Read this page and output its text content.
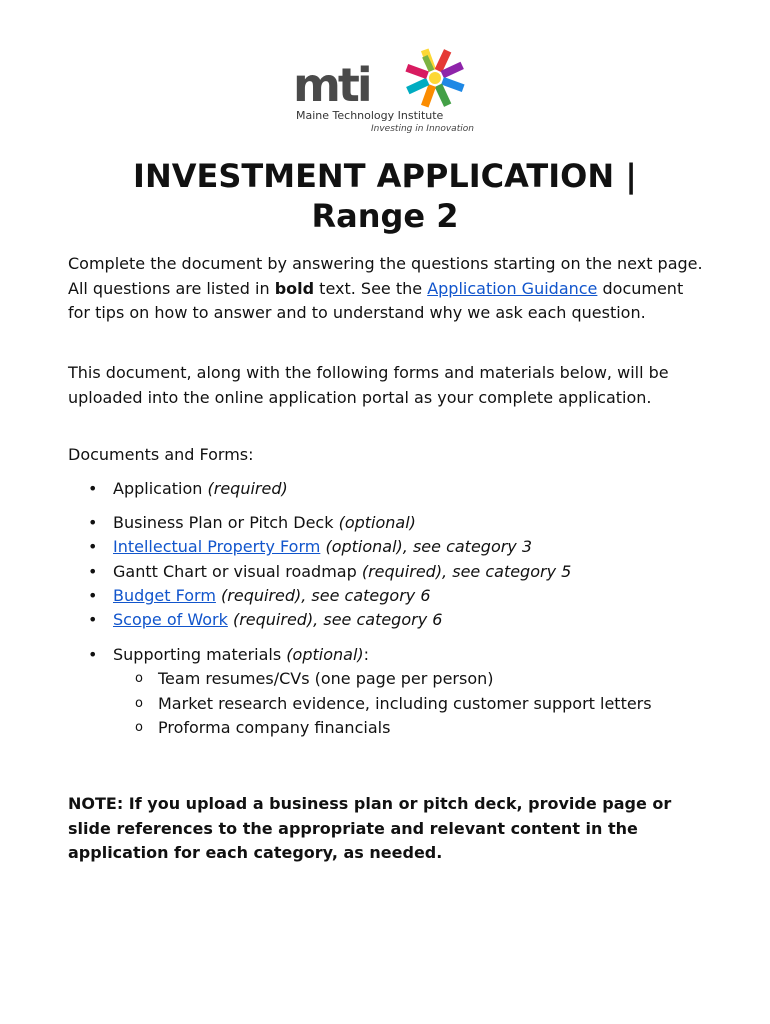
mti
Maine Technology Institute
Investing in Innovation
INVESTMENT APPLICATION |
Range 2

Complete the document by answering the questions starting on the next page. All questions are listed in bold text. See the Application Guidance document for tips on how to answer and to understand why we ask each question.

This document, along with the following forms and materials below, will be uploaded into the online application portal as your complete application.

Documents and Forms:

• Application (required)
• Business Plan or Pitch Deck (optional)
• Intellectual Property Form (optional), see category 3
• Gantt Chart or visual roadmap (required), see category 5
• Budget Form (required), see category 6
• Scope of Work (required), see category 6
• Supporting materials (optional):
o Team resumes/CVs (one page per person)
o Market research evidence, including customer support letters
o Proforma company financials

NOTE: If you upload a business plan or pitch deck, provide page or slide references to the appropriate and relevant content in the application for each category, as needed.
